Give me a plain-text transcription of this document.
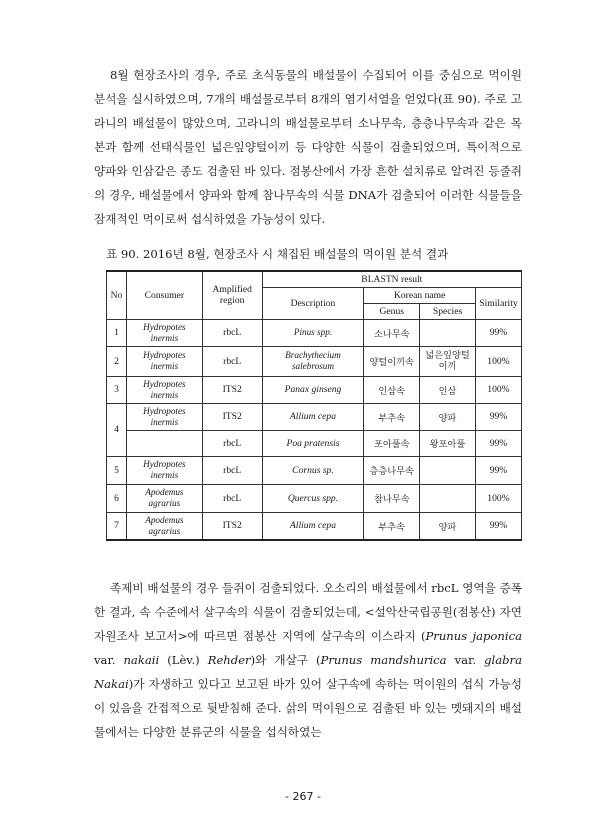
8월 현장조사의 경우, 주로 초식동물의 배설물이 수집되어 이를 중심으로 먹이원 분석을 실시하였으며, 7개의 배설물로부터 8개의 염기서열을 얻었다(표 90). 주로 고라니의 배설물이 많았으며, 고라니의 배설물로부터 소나무속, 층층나무속과 같은 목본과 함께 선태식물인 넓은잎양털이끼 등 다양한 식물이 검출되었으며, 특이적으로 양파와 인삼같은 종도 검출된 바 있다. 점봉산에서 가장 흔한 설치류로 알려진 등줄쥐의 경우, 배설물에서 양파와 함께 참나무속의 식물 DNA가 검출되어 이러한 식물들을 잠재적인 먹이로써 섭식하였을 가능성이 있다.

표 90. 2016년 8월, 현장조사 시 채집된 배설물의 먹이원 분석 결과
No	Consumer	Amplified region	BLASTN result			
			Description	Korean name		Similarity
				Genus	Species	
1	Hydropotes inermis	rbcL	Pinus spp.	소나무속		99%
2	Hydropotes inermis	rbcL	Brachythecium salebrosum	양털이끼속	넓은잎양털이끼	100%
3	Hydropotes inermis	ITS2	Panax ginseng	인삼속	인삼	100%
4	Hydropotes inermis	ITS2	Allium cepa	부추속	양파	99%
		rbcL	Poa pratensis	포아풀속	왕포아풀	99%
5	Hydropotes inermis	rbcL	Cornus sp.	층층나무속		99%
6	Apodemus agrarius	rbcL	Quercus spp.	참나무속		100%
7	Apodemus agrarius	ITS2	Allium cepa	부추속	양파	99%

족제비 배설물의 경우 들쥐이 검출되었다. 오소리의 배설물에서 rbcL 영역을 증폭한 결과, 속 수준에서 살구속의 식물이 검출되었는데, <설악산국립공원(점봉산) 자연자원조사 보고서>에 따르면 점봉산 지역에 살구속의 이스라지 (Prunus japonica var. nakaii (Lèv.) Rehder)와 개살구 (Prunus mandshurica var. glabra Nakai)가 자생하고 있다고 보고된 바가 있어 살구속에 속하는 먹이원의 섭식 가능성이 있음을 간접적으로 뒷받침해 준다. 삵의 먹이원으로 검출된 바 있는 멧돼지의 배설물에서는 다양한 분류군의 식물을 섭식하였는

- 267 -
